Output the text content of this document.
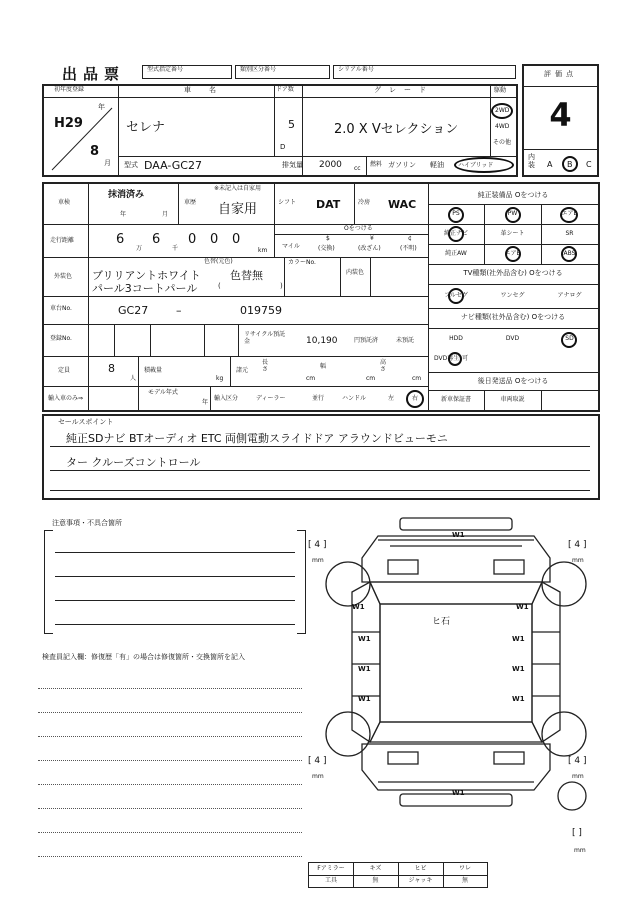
出品票	型式指定番号	類別区分番号	シリアル番号
評価点
4
内装	A B C
初年度登録
H29
年
8
月
車名
セレナ
ドア数
5
D
グレード
2.0 X Vセレクション
駆動
2WD
4WD
その他
型式 DAA-GC27	排気量 2000 cc
燃料 ガソリン 軽油 ハイブリッド
車検
抹消済み
年	月
車歴
※未記入は自家用
自家用	シフト DAT	冷房 WAC
走行距離	6
万
6
千
0 0 0
km
Oをつける
マイル
$
(交換)
¥
(改ざん)
¢
(不明)
外装色
色替(元色)
ブリリアントホワイト
パール3コートパール
色替無
(	)
カラーNo.
内装色
車台No.	GC27	–	019759
登録No.
リサイクル預託金	10,190	円預託済	未預託
定員	8
人
積載量
kg
諸元
長さ
cm
幅
cm
高さ
cm
輸入車のみ⇒
モデル年式
年
輸入区分	ディーラー	並行	ハンドル	左	右
純正装備品 Oをつける
PS	PW	エアB
純正ナビ	革シート	SR
純正AW	エアB	ABS
TV種類(社外品含む) Oをつける
フルセグ	ワンセグ	アナログ
ナビ種類(社外品含む) Oをつける
HDD	DVD	SD
DVD再生 可
後日発送品 Oをつける
新車保証書	車両取説
セールスポイント
純正SDナビ BTオーディオ ETC 両側電動スライドドア アラウンドビューモニ
ター クルーズコントロール
注意事項・不具合箇所
検査員記入欄：修復歴「有」の場合は修復箇所・交換箇所を記入
W1
W1	W1
W1	W1
W1	W1
W1	W1
W1
ヒ石
[ 4 ]
mm
[ 4 ]
mm
[ 4 ]
mm
[ 4 ]
mm
[ ]
mm
Fアミラー	キズ	ヒビ	ワレ
工具	無	ジャッキ	無
